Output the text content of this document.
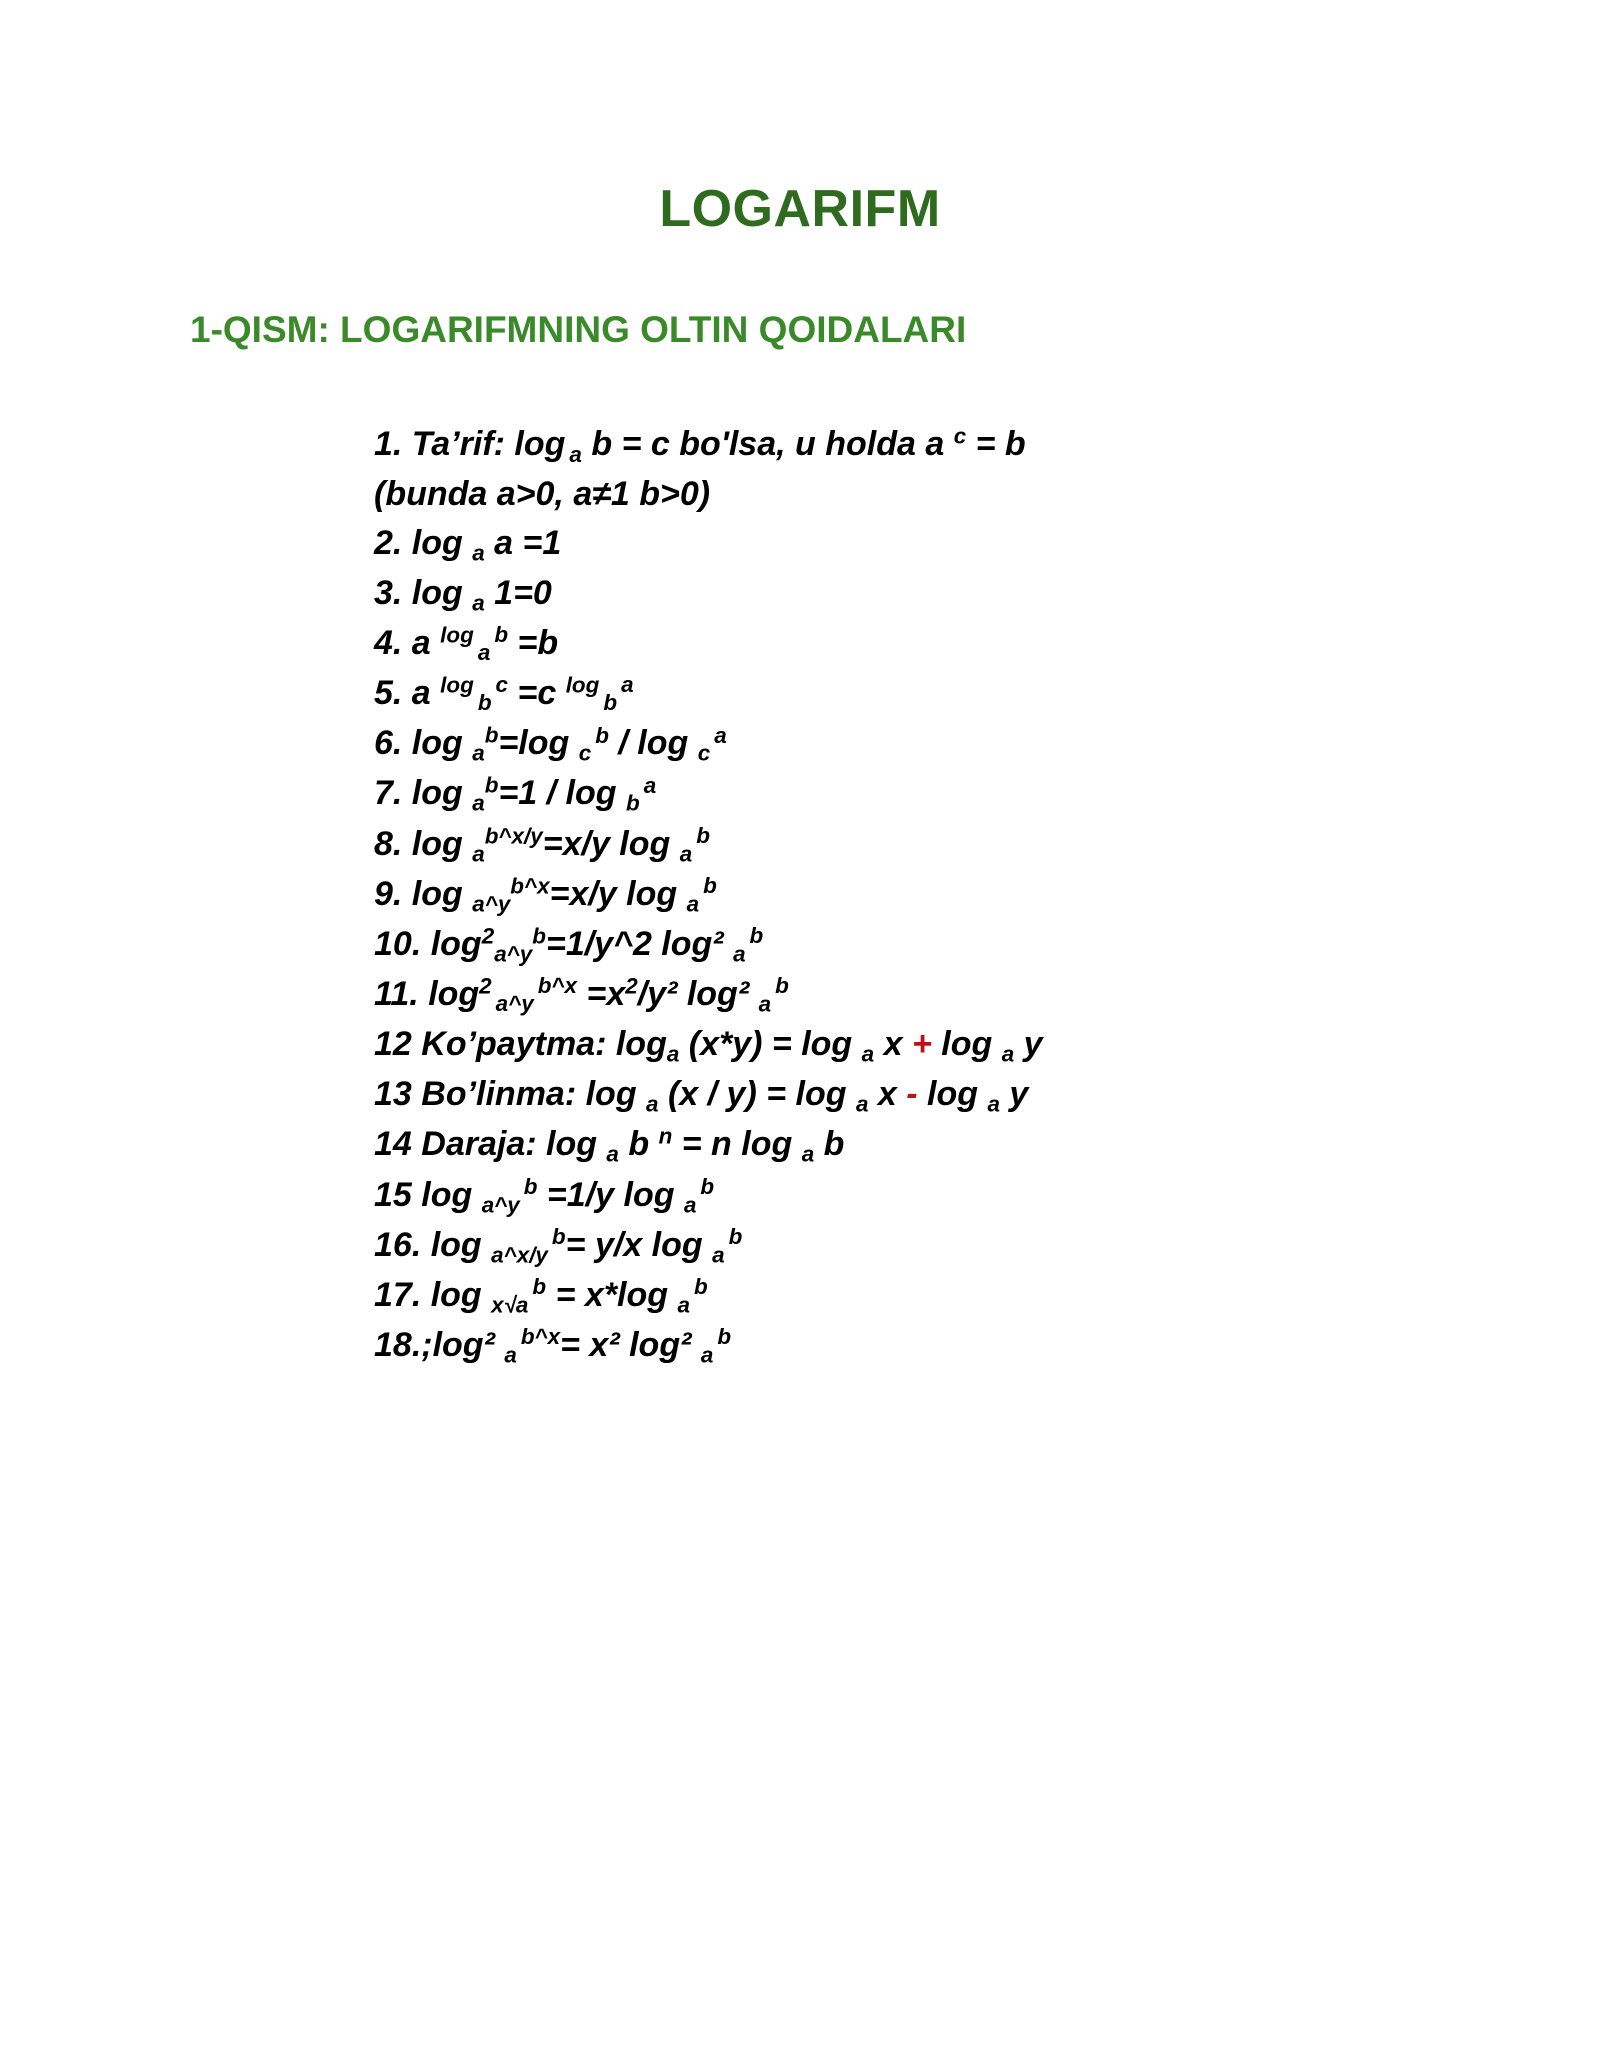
LOGARIFM
1-QISM: LOGARIFMNING OLTIN QOIDALARI
1. Ta’rif: log $_a$ b = c bo'lsa, u holda a $^c$ = b
(bunda a>0, a≠1 b>0)
2. log $_a$ a =1
3. log $_a$ 1=0
4. a $^{log}_a^b$ =b
5. a $^{log}_b^c$ =c $^{log}_b^a$
6. log $_a^b$=log $_c^b$ / log $_c^a$
7. log $_a^b$=1 / log $_b^a$
8. log $_a^{b\^{}x/y}$=x/y log $_a^b$
9. log $_{a\^{}y}^{b\^{}x}$=x/y log $_a^b$
10. $\log^2_{a\^{}y}^b=1/y\^{}2$ log² $_a^b$
11. $\log^2_{a\^{}y}^{b\^{}x} =x^2/y^2$ log² $_a^b$
12 Ko’paytma: $\log_a (x*y) = \log _a$ x + log $_a$ y
13 Bo’linma: log $_a$ (x / y) = log $_a$ x - log $_a$ y
14 Daraja: log $_a$ b $^n$ = n log $_a$ b
15 log $_{a\^{}y}^b$ =1/y log $_a^b$
16. log $_{a\^{}x/y}^b$= y/x log $_a^b$
17. log $_{x√a}^b$ = x*log $_a^b$
18.;log² $_a^{b\^{}x}$= x² log² $_a^b$
